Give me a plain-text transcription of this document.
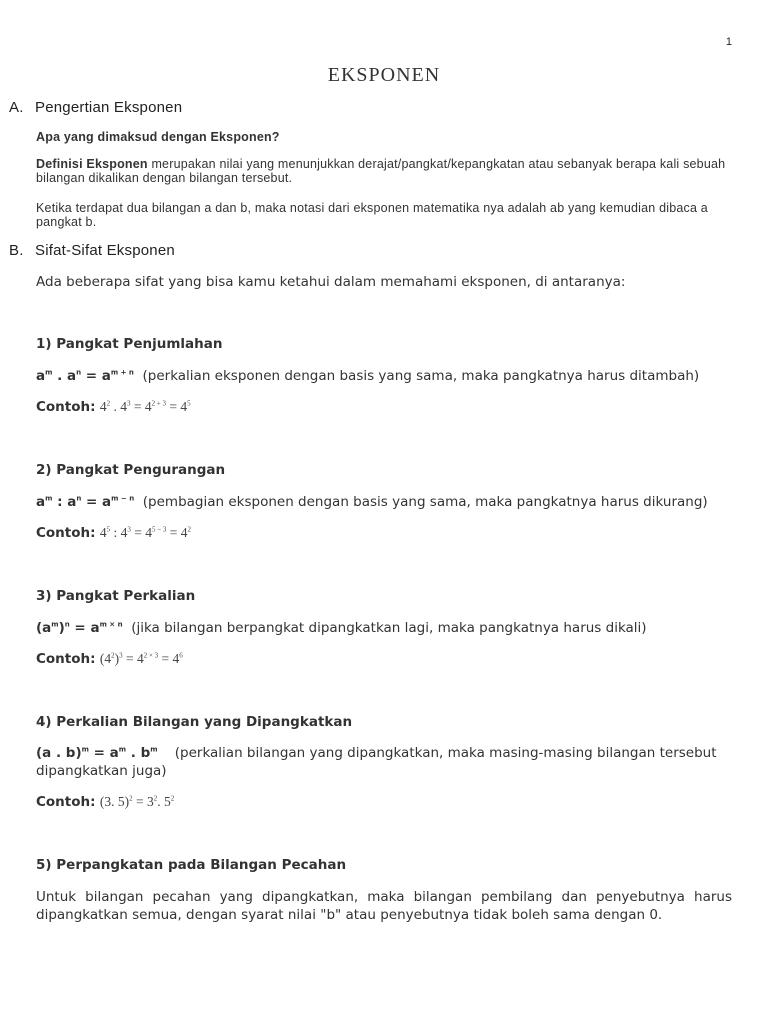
1
EKSPONEN
A. Pengertian Eksponen
Apa yang dimaksud dengan Eksponen?
Definisi Eksponen merupakan nilai yang menunjukkan derajat/pangkat/kepangkatan atau sebanyak berapa kali sebuah bilangan dikalikan dengan bilangan tersebut.
Ketika terdapat dua bilangan a dan b, maka notasi dari eksponen matematika nya adalah ab yang kemudian dibaca a pangkat b.
B. Sifat-Sifat Eksponen
Ada beberapa sifat yang bisa kamu ketahui dalam memahami eksponen, di antaranya:
1) Pangkat Penjumlahan
$a^m$ . $a^n = a^{m + n}$ (perkalian eksponen dengan basis yang sama, maka pangkatnya harus ditambah)
Contoh: $4^2$ . $4^3 = 4^{2 + 3} = 4^5$
2) Pangkat Pengurangan
$a^m$ : $a^n = a^{m - n}$ (pembagian eksponen dengan basis yang sama, maka pangkatnya harus dikurang)
Contoh: $4^5$ : $4^3 = 4^{5 - 3} = 4^2$
3) Pangkat Perkalian
$(a^m)^n = a^{m \times n}$ (jika bilangan berpangkat dipangkatkan lagi, maka pangkatnya harus dikali)
Contoh: $(4^2)^3 = 4^{2 \times 3} = 4^6$
4) Perkalian Bilangan yang Dipangkatkan
(a . $b)^m = a^m$ . $b^m$ (perkalian bilangan yang dipangkatkan, maka masing-masing bilangan tersebut dipangkatkan juga)
Contoh: (3. $5)^2 = 3^2$. $5^2$
5) Perpangkatan pada Bilangan Pecahan
Untuk bilangan pecahan yang dipangkatkan, maka bilangan pembilang dan penyebutnya harus dipangkatkan semua, dengan syarat nilai "b" atau penyebutnya tidak boleh sama dengan 0.
